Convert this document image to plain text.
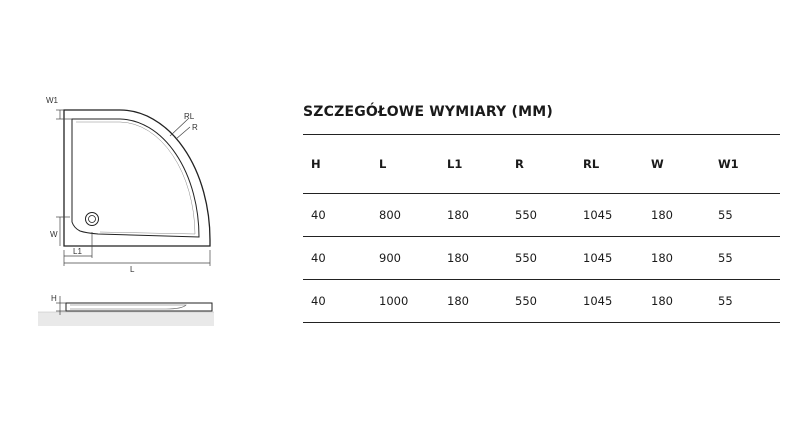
W1
W
L1
L
RL
R
H
SZCZEGÓŁOWE WYMIARY (MM)
H	L	L1	R	RL	W	W1
40	800	180	550	1045	180	55
40	900	180	550	1045	180	55
40	1000	180	550	1045	180	55
